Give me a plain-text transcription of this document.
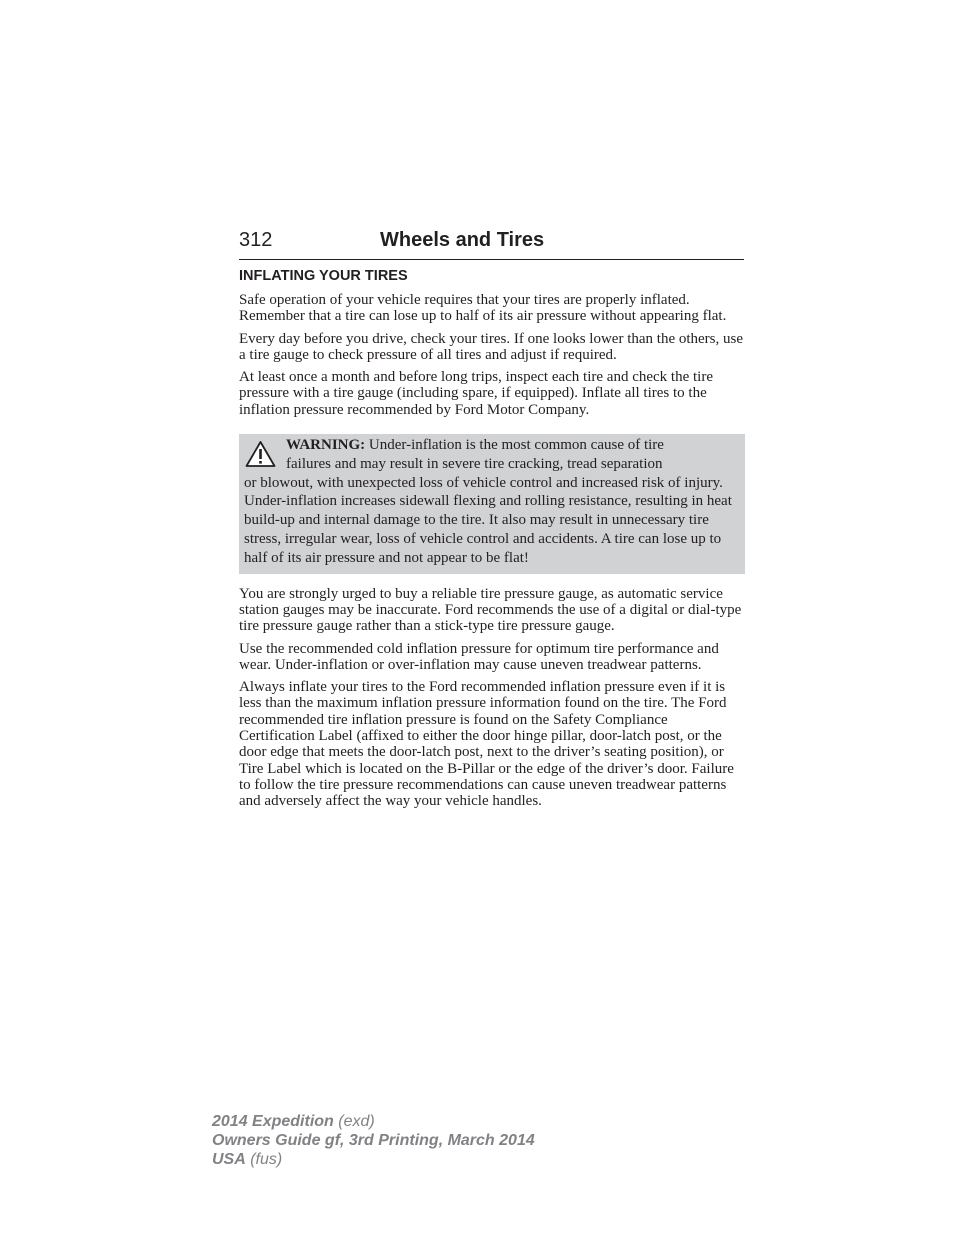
312	Wheels and Tires
INFLATING YOUR TIRES

Safe operation of your vehicle requires that your tires are properly inflated. Remember that a tire can lose up to half of its air pressure without appearing flat.

Every day before you drive, check your tires. If one looks lower than the others, use a tire gauge to check pressure of all tires and adjust if required.

At least once a month and before long trips, inspect each tire and check the tire pressure with a tire gauge (including spare, if equipped). Inflate all tires to the inflation pressure recommended by Ford Motor Company.

WARNING: Under-inflation is the most common cause of tire
failures and may result in severe tire cracking, tread separation
or blowout, with unexpected loss of vehicle control and increased risk of injury. Under-inflation increases sidewall flexing and rolling resistance, resulting in heat build-up and internal damage to the tire. It also may result in unnecessary tire stress, irregular wear, loss of vehicle control and accidents. A tire can lose up to half of its air pressure and not appear to be flat!

You are strongly urged to buy a reliable tire pressure gauge, as automatic service station gauges may be inaccurate. Ford recommends the use of a digital or dial-type tire pressure gauge rather than a stick-type tire pressure gauge.

Use the recommended cold inflation pressure for optimum tire performance and wear. Under-inflation or over-inflation may cause uneven treadwear patterns.

Always inflate your tires to the Ford recommended inflation pressure even if it is less than the maximum inflation pressure information found on the tire. The Ford recommended tire inflation pressure is found on the Safety Compliance Certification Label (affixed to either the door hinge pillar, door-latch post, or the door edge that meets the door-latch post, next to the driver’s seating position), or Tire Label which is located on the B-Pillar or the edge of the driver’s door. Failure to follow the tire pressure recommendations can cause uneven treadwear patterns and adversely affect the way your vehicle handles.

2014 Expedition (exd)
Owners Guide gf, 3rd Printing, March 2014
USA (fus)
